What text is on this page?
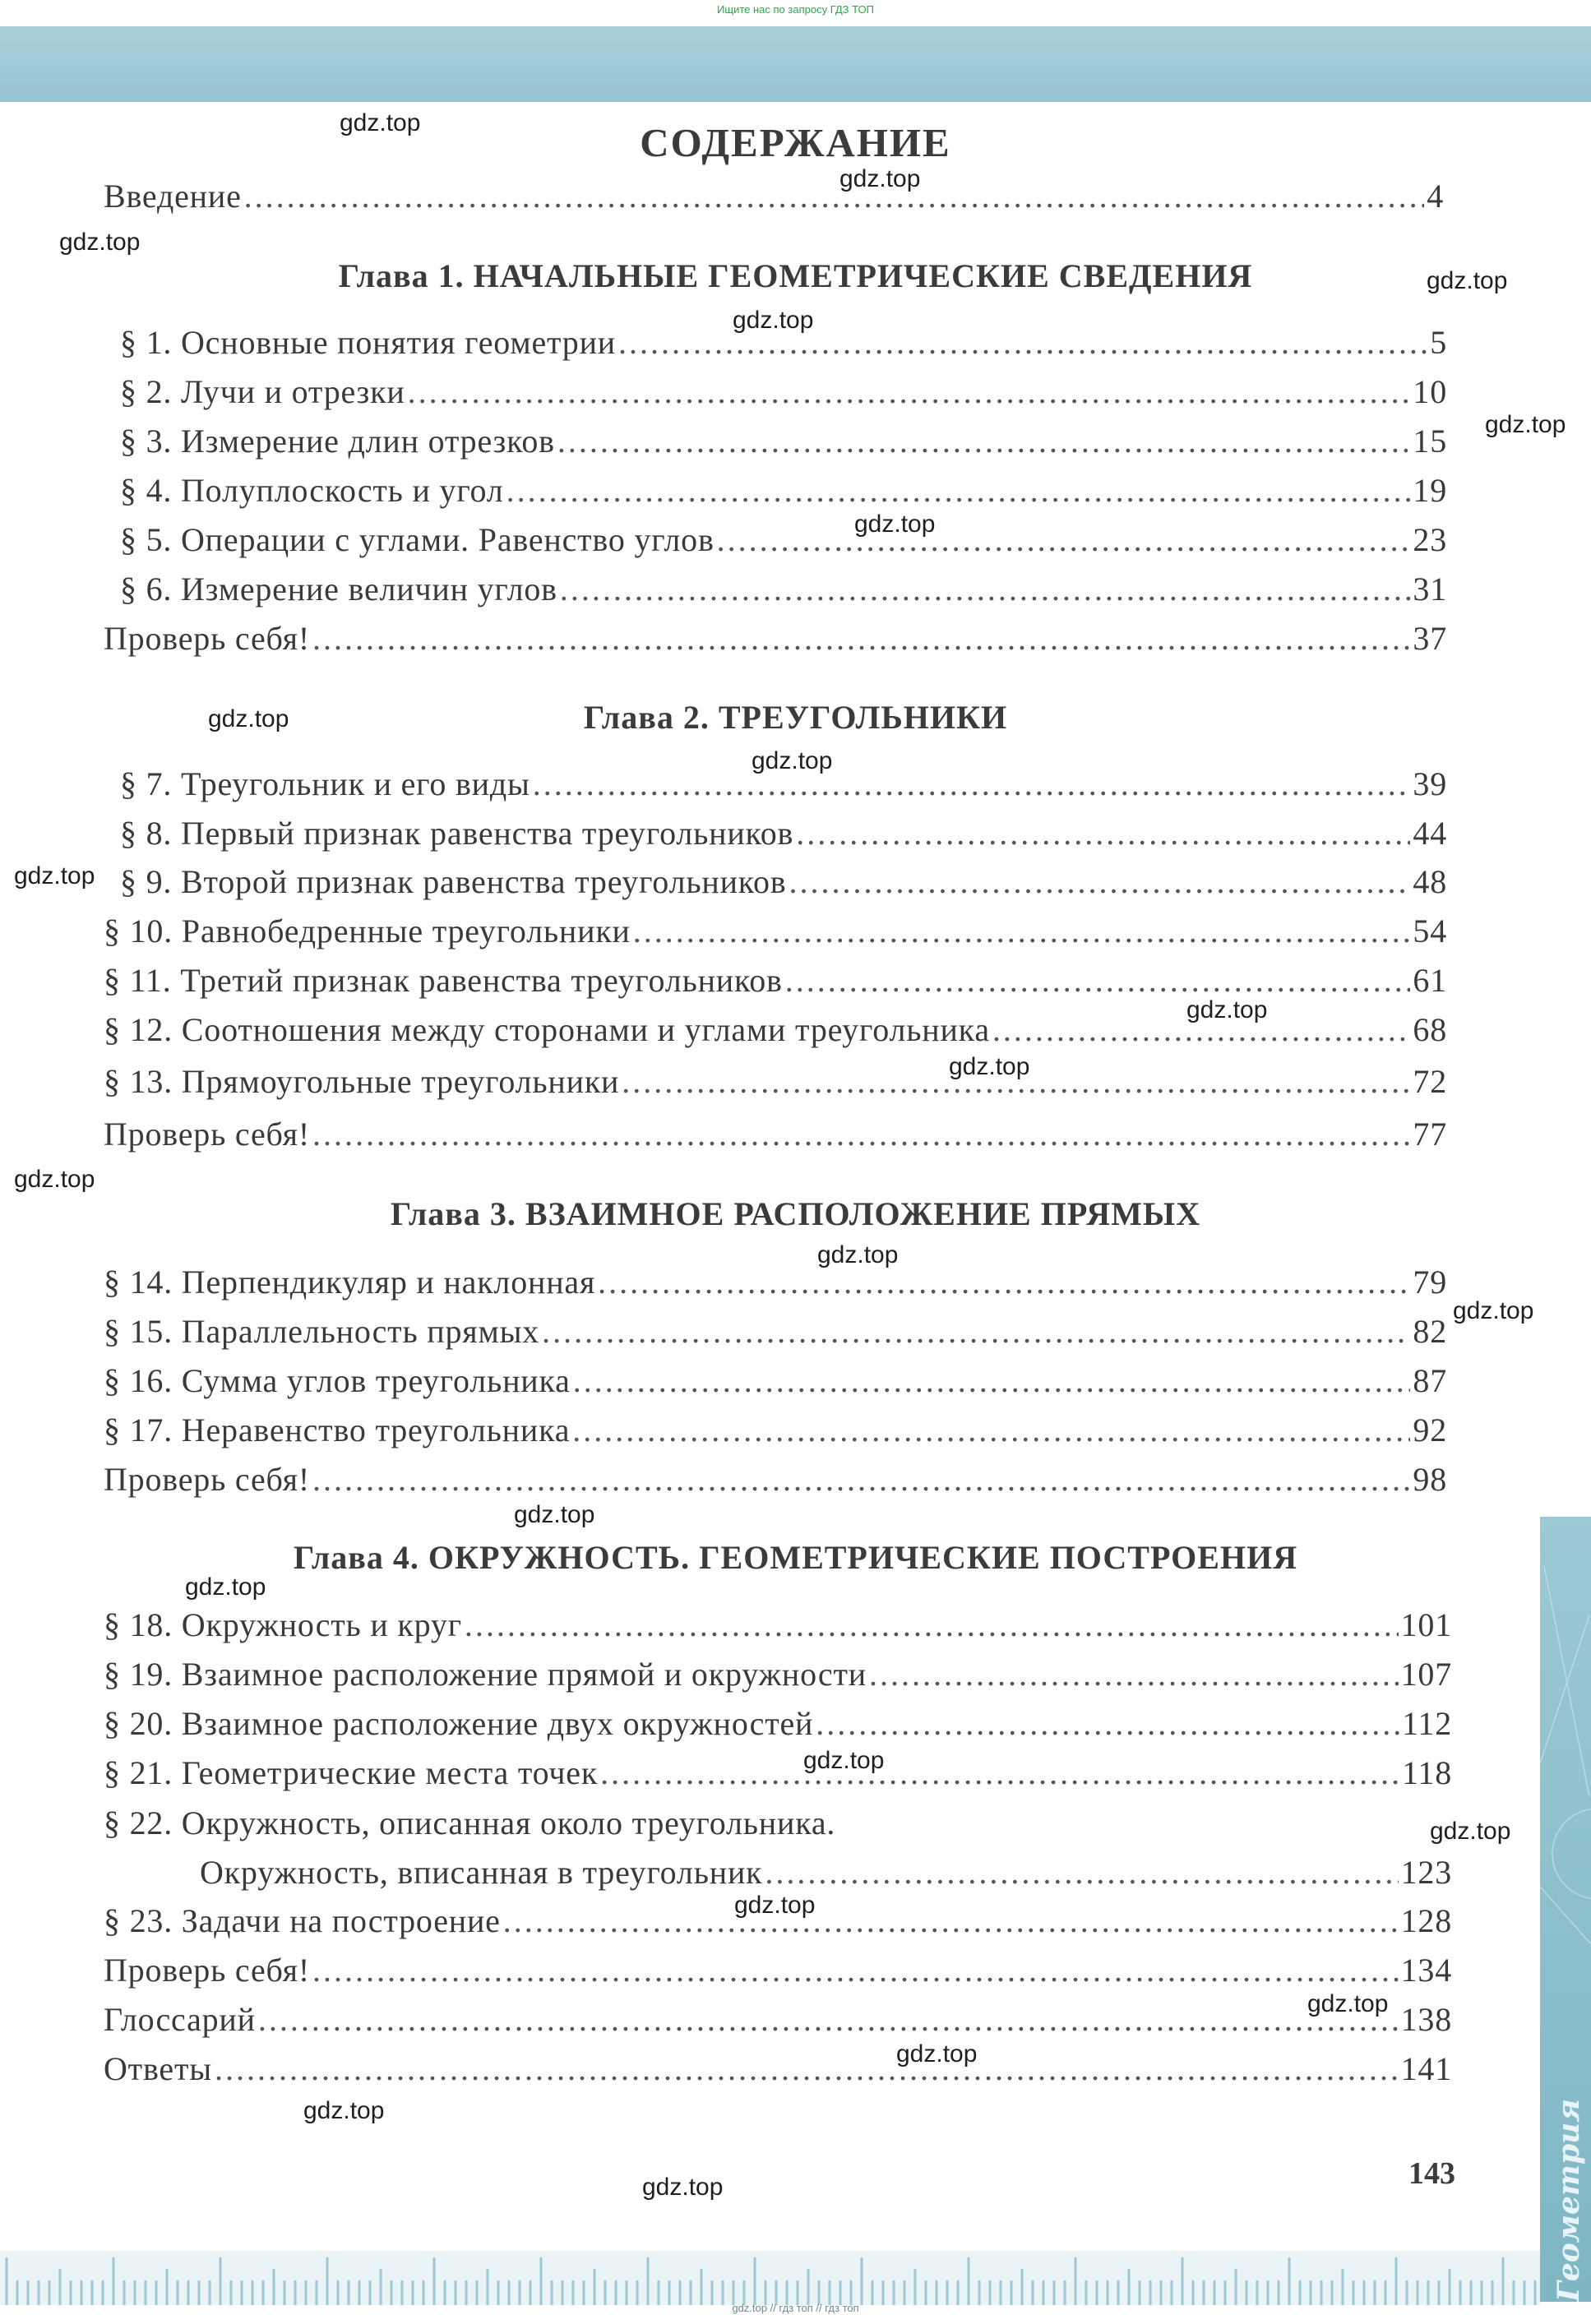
Ищите нас по запросу ГДЗ ТОП
СОДЕРЖАНИЕ
Введение .....	4
Глава 1. НАЧАЛЬНЫЕ ГЕОМЕТРИЧЕСКИЕ СВЕДЕНИЯ
§ 1. Основные понятия геометрии .....	5
§ 2. Лучи и отрезки .....	10
§ 3. Измерение длин отрезков .....	15
§ 4. Полуплоскость и угол .....	19
§ 5. Операции с углами. Равенство углов .....	23
§ 6. Измерение величин углов .....	31
Проверь себя! .....	37
Глава 2. ТРЕУГОЛЬНИКИ
§ 7. Треугольник и его виды .....	39
§ 8. Первый признак равенства треугольников .....	44
§ 9. Второй признак равенства треугольников .....	48
§ 10. Равнобедренные треугольники .....	54
§ 11. Третий признак равенства треугольников .....	61
§ 12. Соотношения между сторонами и углами треугольника .....	68
§ 13. Прямоугольные треугольники .....	72
Проверь себя! .....	77
Глава 3. ВЗАИМНОЕ РАСПОЛОЖЕНИЕ ПРЯМЫХ
§ 14. Перпендикуляр и наклонная .....	79
§ 15. Параллельность прямых .....	82
§ 16. Сумма углов треугольника .....	87
§ 17. Неравенство треугольника .....	92
Проверь себя! .....	98
Глава 4. ОКРУЖНОСТЬ. ГЕОМЕТРИЧЕСКИЕ ПОСТРОЕНИЯ
§ 18. Окружность и круг .....	101
§ 19. Взаимное расположение прямой и окружности .....	107
§ 20. Взаимное расположение двух окружностей .....	112
§ 21. Геометрические места точек .....	118
§ 22. Окружность, описанная около треугольника.
Окружность, вписанная в треугольник .....	123
§ 23. Задачи на построение .....	128
Проверь себя! .....	134
Глоссарий .....	138
Ответы .....	141
143	Геометрия
gdz.top // гдз топ // гдз топ
gdz.top
gdz.top
gdz.top
gdz.top
gdz.top
gdz.top
gdz.top
gdz.top
gdz.top
gdz.top
gdz.top
gdz.top
gdz.top
gdz.top
gdz.top
gdz.top
gdz.top
gdz.top
gdz.top
gdz.top
gdz.top
gdz.top
gdz.top
gdz.top
